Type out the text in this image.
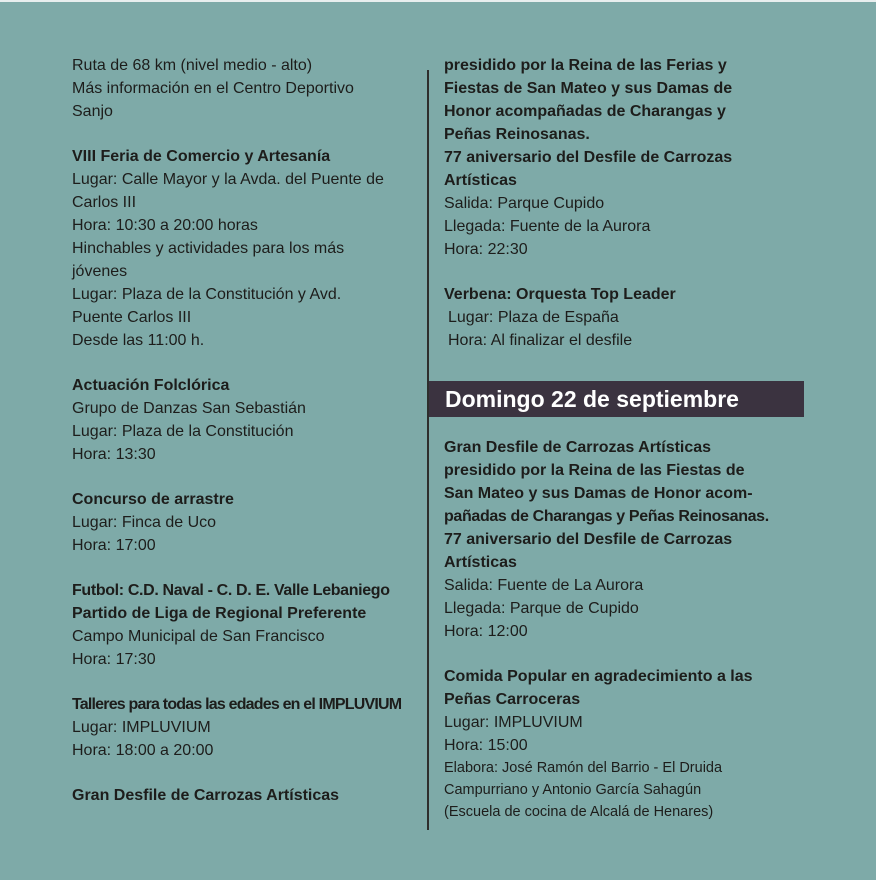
Ruta de 68 km (nivel medio - alto)
Más información en el Centro Deportivo
Sanjo
VIII Feria de Comercio y Artesanía
Lugar: Calle Mayor y la Avda. del Puente de
Carlos III
Hora: 10:30 a 20:00 horas
Hinchables y actividades para los más
jóvenes
Lugar: Plaza de la Constitución y Avd.
Puente Carlos III
Desde las 11:00 h.
Actuación Folclórica
Grupo de Danzas San Sebastián
Lugar: Plaza de la Constitución
Hora: 13:30
Concurso de arrastre
Lugar: Finca de Uco
Hora: 17:00
Futbol: C.D. Naval - C. D. E. Valle Lebaniego
Partido de Liga de Regional Preferente
Campo Municipal de San Francisco
Hora: 17:30
Talleres para todas las edades en el IMPLUVIUM
Lugar: IMPLUVIUM
Hora: 18:00 a 20:00
Gran Desfile de Carrozas Artísticas
presidido por la Reina de las Ferias y
Fiestas de San Mateo y sus Damas de
Honor acompañadas de Charangas y
Peñas Reinosanas.
77 aniversario del Desfile de Carrozas
Artísticas
Salida: Parque Cupido
Llegada: Fuente de la Aurora
Hora: 22:30
Verbena: Orquesta Top Leader
Lugar: Plaza de España
Hora: Al finalizar el desfile
Domingo 22 de septiembre
Gran Desfile de Carrozas Artísticas
presidido por la Reina de las Fiestas de
San Mateo y sus Damas de Honor acom-
pañadas de Charangas y Peñas Reinosanas.
77 aniversario del Desfile de Carrozas
Artísticas
Salida: Fuente de La Aurora
Llegada: Parque de Cupido
Hora: 12:00
Comida Popular en agradecimiento a las
Peñas Carroceras
Lugar: IMPLUVIUM
Hora: 15:00
Elabora: José Ramón del Barrio - El Druida
Campurriano y Antonio García Sahagún
(Escuela de cocina de Alcalá de Henares)
